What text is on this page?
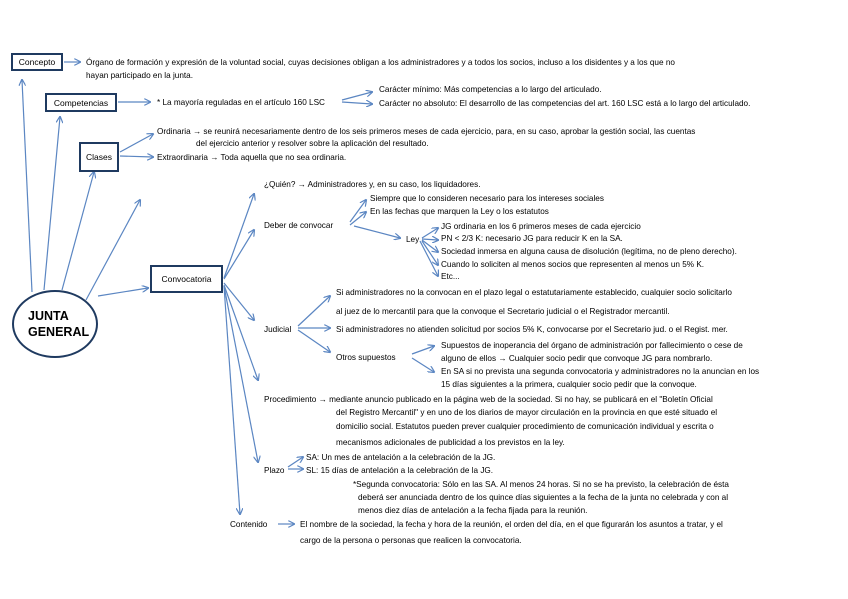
JUNTA
GENERAL
Concepto	Órgano de formación y expresión de la voluntad social, cuyas decisiones obligan a los administradores y a todos los socios, incluso a los disidentes y a los que no
hayan participado en la junta.
Competencias	* La mayoría reguladas en el artículo 160 LSC
Carácter mínimo: Más competencias a lo largo del articulado.
Carácter no absoluto: El desarrollo de las competencias del art. 160 LSC está a lo largo del articulado.
Clases
Ordinaria → se reunirá necesariamente dentro de los seis primeros meses de cada ejercicio, para, en su caso, aprobar la gestión social, las cuentas
del ejercicio anterior y resolver sobre la aplicación del resultado.
Extraordinaria → Toda aquella que no sea ordinaria.
Convocatoria
¿Quién? → Administradores y, en su caso, los liquidadores.
Deber de convocar
Siempre que lo consideren necesario para los intereses sociales
En las fechas que marquen la Ley o los estatutos
Ley
JG ordinaria en los 6 primeros meses de cada ejercicio
PN < 2/3 K: necesario JG para reducir K en la SA.
Sociedad inmersa en alguna causa de disolución (legítima, no de pleno derecho).
Cuando lo soliciten al menos socios que representen al menos un 5% K.
Etc...
Judicial
Si administradores no la convocan en el plazo legal o estatutariamente establecido, cualquier socio solicitarlo
al juez de lo mercantil para que la convoque el Secretario judicial o el Registrador mercantil.
Si administradores no atienden solicitud por socios 5% K, convocarse por el Secretario jud. o el Regist. mer.
Otros supuestos
Supuestos de inoperancia del órgano de administración por fallecimiento o cese de
alguno de ellos → Cualquier socio pedir que convoque JG para nombrarlo.
En SA si no prevista una segunda convocatoria y administradores no la anuncian en los
15 días siguientes a la primera, cualquier socio pedir que la convoque.
Procedimiento → mediante anuncio publicado en la página web de la sociedad. Si no hay, se publicará en el "Boletín Oficial
del Registro Mercantil" y en uno de los diarios de mayor circulación en la provincia en que esté situado el
domicilio social. Estatutos pueden prever cualquier procedimiento de comunicación individual y escrita o
mecanismos adicionales de publicidad a los previstos en la ley.
Plazo
SA: Un mes de antelación a la celebración de la JG.
SL: 15 días de antelación a la celebración de la JG.
*Segunda convocatoria: Sólo en las SA. Al menos 24 horas. Si no se ha previsto, la celebración de ésta
deberá ser anunciada dentro de los quince días siguientes a la fecha de la junta no celebrada y con al
menos diez días de antelación a la fecha fijada para la reunión.
Contenido	El nombre de la sociedad, la fecha y hora de la reunión, el orden del día, en el que figurarán los asuntos a tratar, y el
cargo de la persona o personas que realicen la convocatoria.
